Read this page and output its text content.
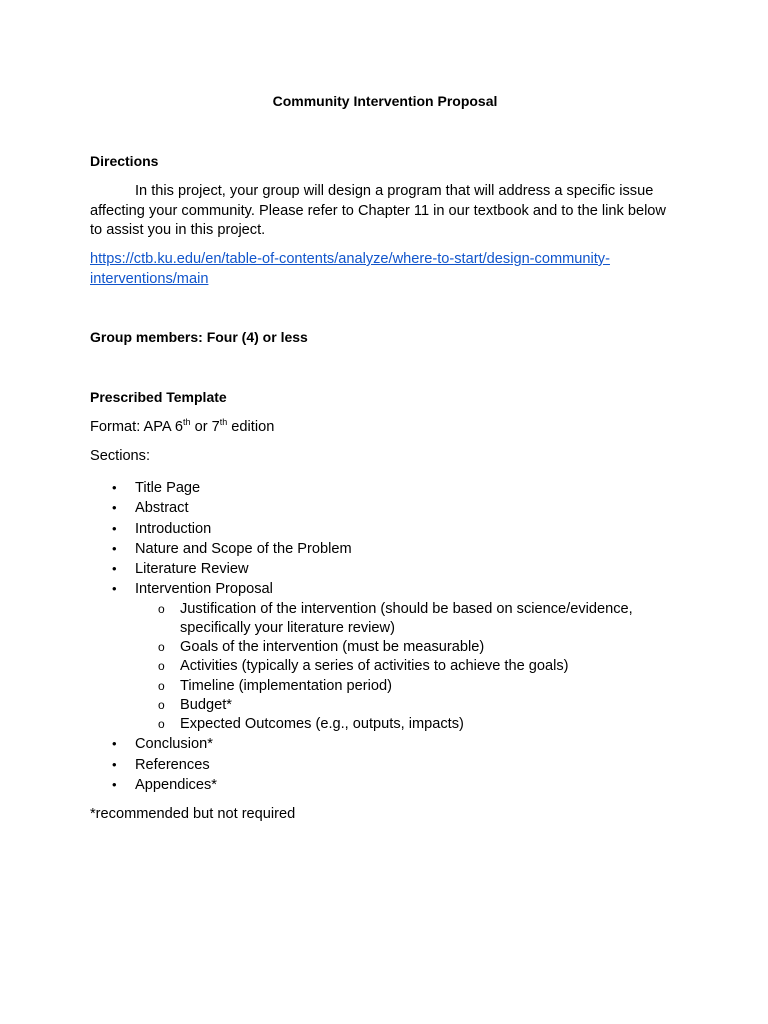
Community Intervention Proposal
Directions
In this project, your group will design a program that will address a specific issue affecting your community. Please refer to Chapter 11 in our textbook and to the link below to assist you in this project.
https://ctb.ku.edu/en/table-of-contents/analyze/where-to-start/design-community-interventions/main
Group members: Four (4) or less
Prescribed Template
Format: APA 6th or 7th edition
Sections:
• Title Page
• Abstract
• Introduction
• Nature and Scope of the Problem
• Literature Review
• Intervention Proposal
o Justification of the intervention (should be based on science/evidence, specifically your literature review)
o Goals of the intervention (must be measurable)
o Activities (typically a series of activities to achieve the goals)
o Timeline (implementation period)
o Budget*
o Expected Outcomes (e.g., outputs, impacts)
• Conclusion*
• References
• Appendices*
*recommended but not required
